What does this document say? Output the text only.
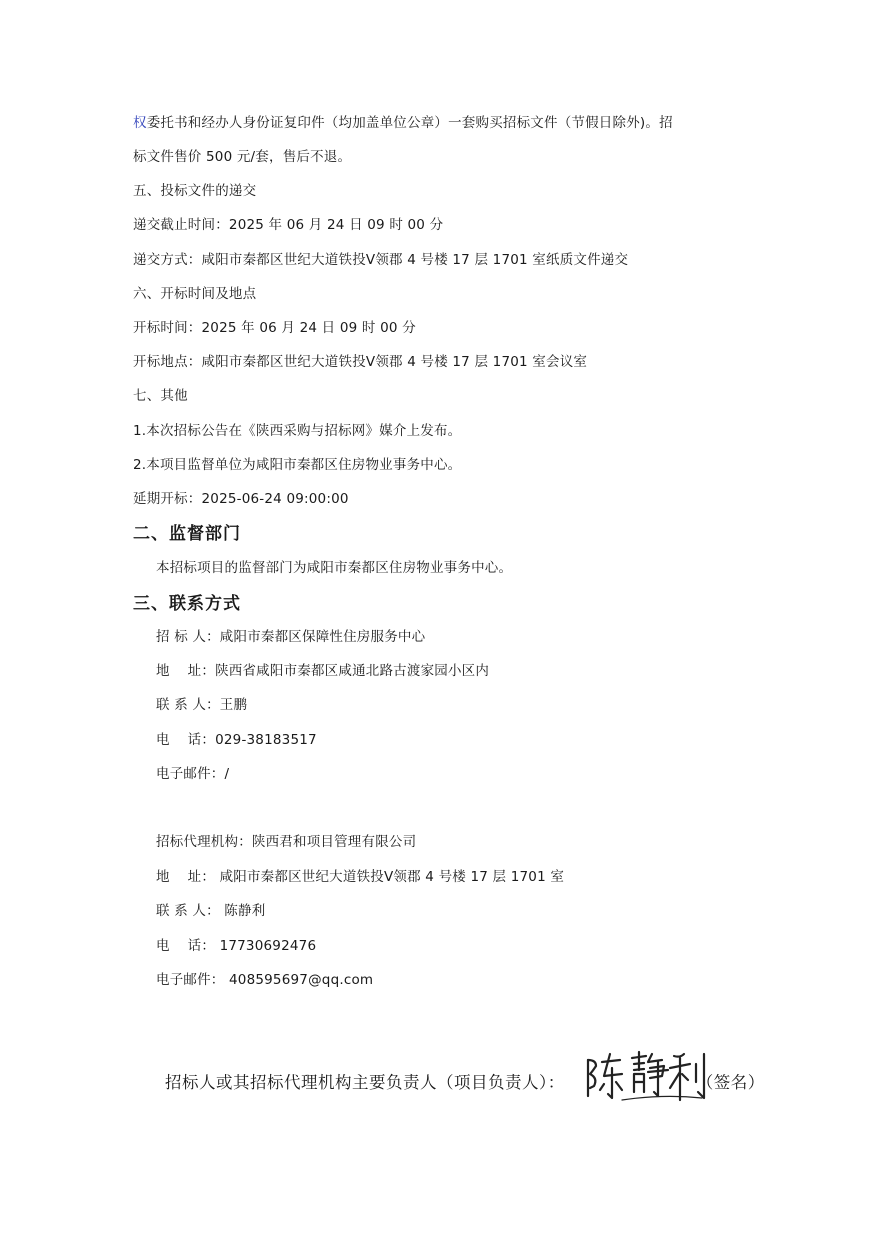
权委托书和经办人身份证复印件（均加盖单位公章）一套购买招标文件（节假日除外)。招
标文件售价 500 元/套，售后不退。
五、投标文件的递交
递交截止时间：2025 年 06 月 24 日 09 时 00 分
递交方式：咸阳市秦都区世纪大道铁投Ⅴ领郡 4 号楼 17 层 1701 室纸质文件递交
六、开标时间及地点
开标时间：2025 年 06 月 24 日 09 时 00 分
开标地点：咸阳市秦都区世纪大道铁投Ⅴ领郡 4 号楼 17 层 1701 室会议室
七、其他
1.本次招标公告在《陕西采购与招标网》媒介上发布。
2.本项目监督单位为咸阳市秦都区住房物业事务中心。
延期开标：2025-06-24 09:00:00
二、监督部门
本招标项目的监督部门为咸阳市秦都区住房物业事务中心。
三、联系方式
招 标 人：咸阳市秦都区保障性住房服务中心
地    址：陕西省咸阳市秦都区咸通北路古渡家园小区内
联 系 人：王鹏
电    话：029-38183517
电子邮件：/
招标代理机构：陕西君和项目管理有限公司
地    址： 咸阳市秦都区世纪大道铁投Ⅴ领郡 4 号楼 17 层 1701 室
联 系 人： 陈静利
电    话： 17730692476
电子邮件： 408595697@qq.com
招标人或其招标代理机构主要负责人（项目负责人）：	（签名）
